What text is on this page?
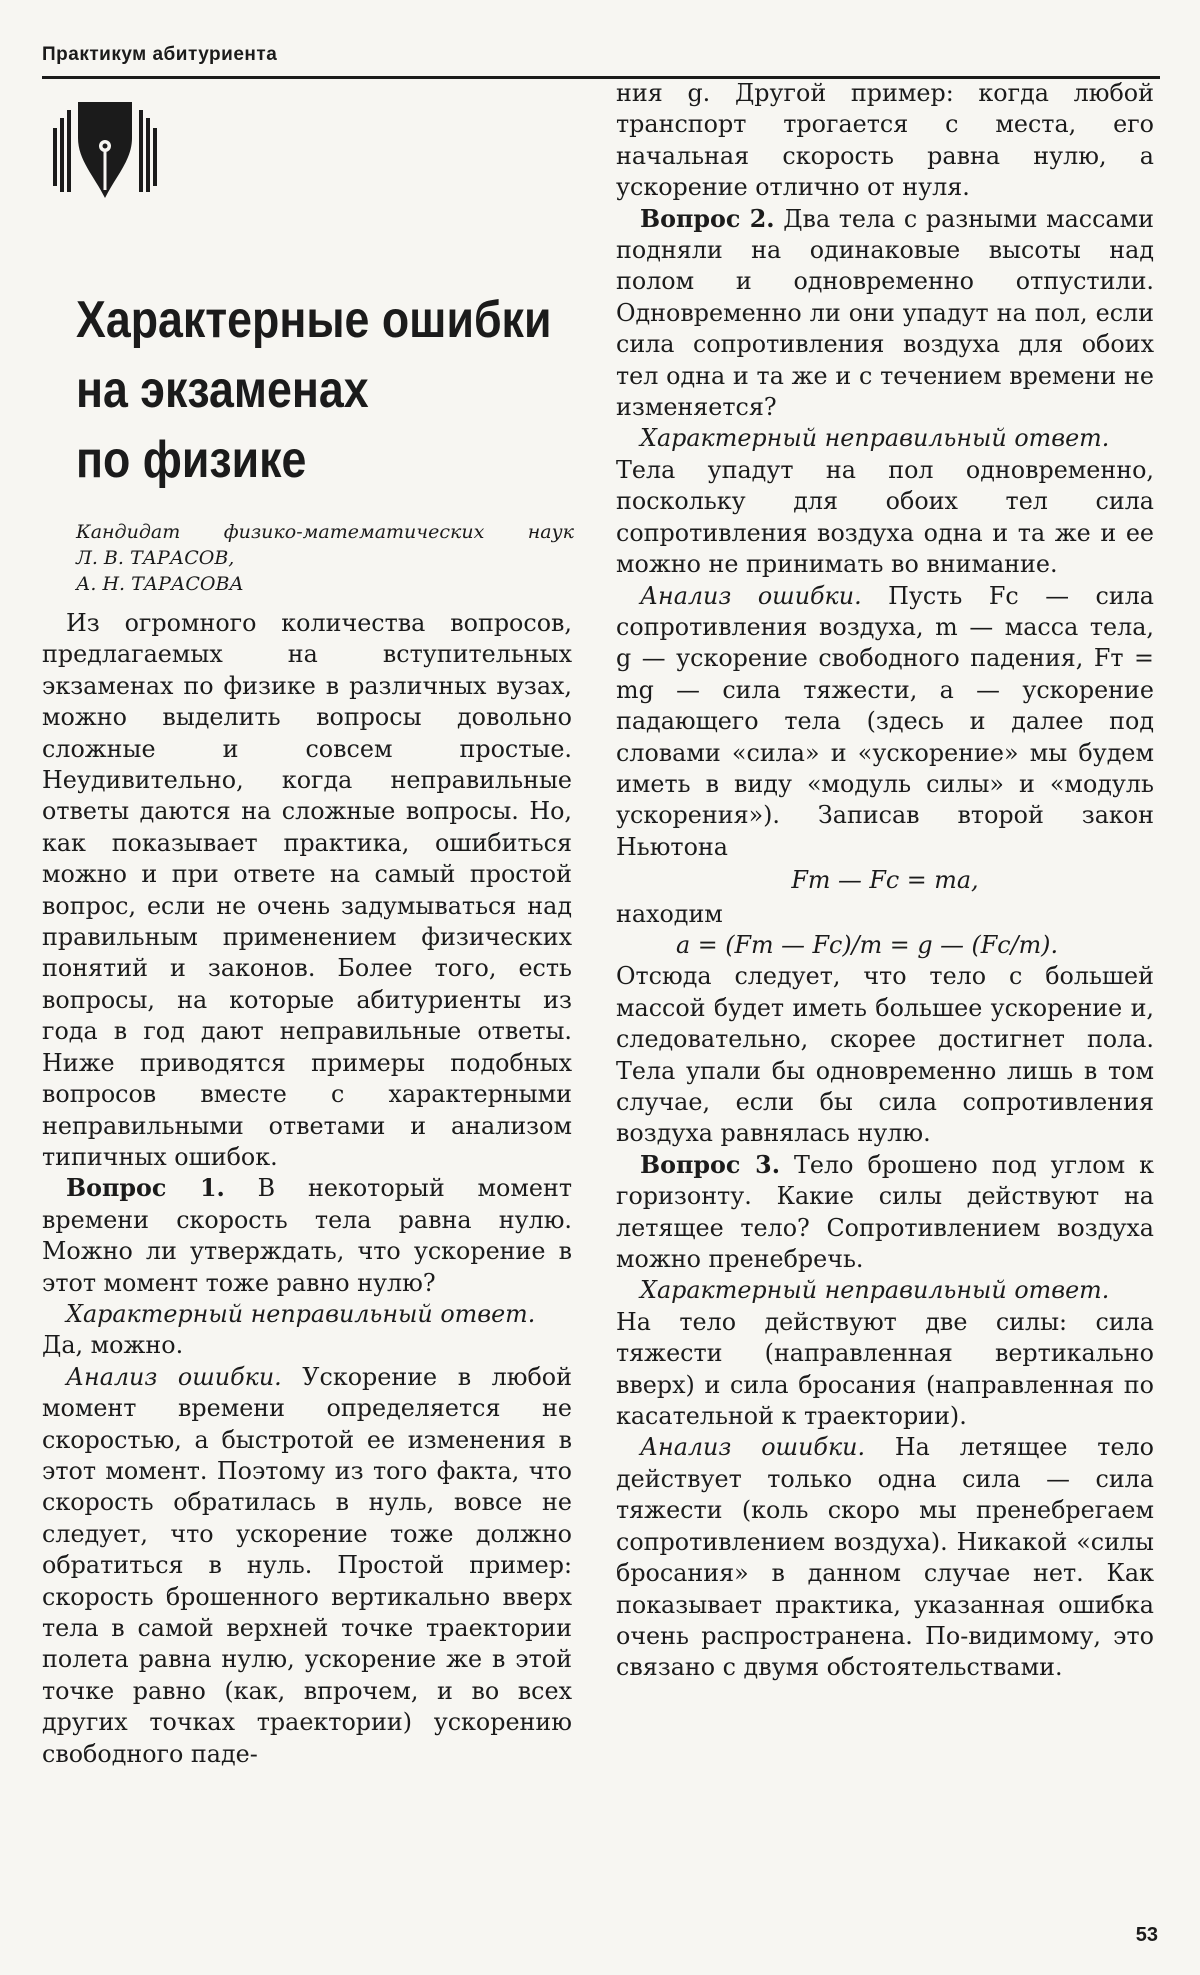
Практикум абитуриента
Характерные ошибки
на экзаменах
по физике
Кандидат физико-математических наук
Л. В. ТАРАСОВ,
А. Н. ТАРАСОВА

Из огромного количества вопросов, предлагаемых на вступительных экзаменах по физике в различных вузах, можно выделить вопросы довольно сложные и совсем простые. Неудивительно, когда неправильные ответы даются на сложные вопросы. Но, как показывает практика, ошибиться можно и при ответе на самый простой вопрос, если не очень задумываться над правильным применением физических понятий и законов. Более того, есть вопросы, на которые абитуриенты из года в год дают неправильные ответы. Ниже приводятся примеры подобных вопросов вместе с характерными неправильными ответами и анализом типичных ошибок.

Вопрос 1. В некоторый момент времени скорость тела равна нулю. Можно ли утверждать, что ускорение в этот момент тоже равно нулю?

Характерный неправильный ответ.
Да, можно.

Анализ ошибки. Ускорение в любой момент времени определяется не скоростью, а быстротой ее изменения в этот момент. Поэтому из того факта, что скорость обратилась в нуль, вовсе не следует, что ускорение тоже должно обратиться в нуль. Простой пример: скорость брошенного вертикально вверх тела в самой верхней точке траектории полета равна нулю, ускорение же в этой точке равно (как, впрочем, и во всех других точках траектории) ускорению свободного паде-

ния g. Другой пример: когда любой транспорт трогается с места, его начальная скорость равна нулю, а ускорение отлично от нуля.

Вопрос 2. Два тела с разными массами подняли на одинаковые высоты над полом и одновременно отпустили. Одновременно ли они упадут на пол, если сила сопротивления воздуха для обоих тел одна и та же и с течением времени не изменяется?

Характерный неправильный ответ.
Тела упадут на пол одновременно, поскольку для обоих тел сила сопротивления воздуха одна и та же и ее можно не принимать во внимание.

Анализ ошибки. Пусть Fс — сила сопротивления воздуха, m — масса тела, g — ускорение свободного падения, Fт = mg — сила тяжести, a — ускорение падающего тела (здесь и далее под словами «сила» и «ускорение» мы будем иметь в виду «модуль силы» и «модуль ускорения»). Записав второй закон Ньютона

Fт — Fс = ma,

находим

a = (Fт — Fс)/m = g — (Fс/m).

Отсюда следует, что тело с большей массой будет иметь большее ускорение и, следовательно, скорее достигнет пола. Тела упали бы одновременно лишь в том случае, если бы сила сопротивления воздуха равнялась нулю.

Вопрос 3. Тело брошено под углом к горизонту. Какие силы действуют на летящее тело? Сопротивлением воздуха можно пренебречь.

Характерный неправильный ответ.
На тело действуют две силы: сила тяжести (направленная вертикально вверх) и сила бросания (направленная по касательной к траектории).

Анализ ошибки. На летящее тело действует только одна сила — сила тяжести (коль скоро мы пренебрегаем сопротивлением воздуха). Никакой «силы бросания» в данном случае нет. Как показывает практика, указанная ошибка очень распространена. По-видимому, это связано с двумя обстоятельствами.

53
